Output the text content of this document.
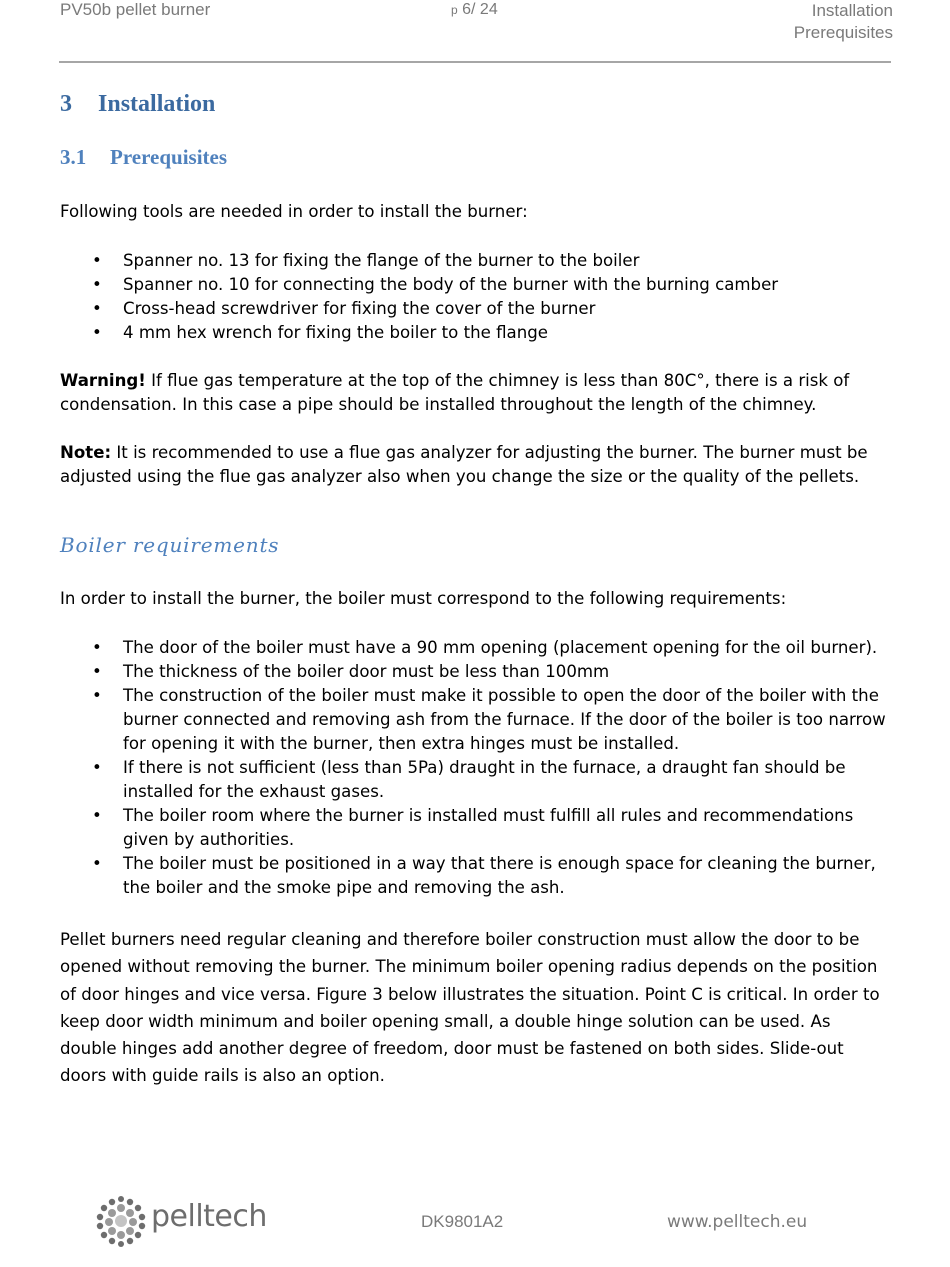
PV50b pellet burner	p 6/ 24	Installation
Prerequisites
3 Installation
3.1 Prerequisites

Following tools are needed in order to install the burner:

• Spanner no. 13 for fixing the flange of the burner to the boiler
• Spanner no. 10 for connecting the body of the burner with the burning camber
• Cross-head screwdriver for fixing the cover of the burner
• 4 mm hex wrench for fixing the boiler to the flange

Warning! If flue gas temperature at the top of the chimney is less than 80C°, there is a risk of condensation. In this case a pipe should be installed throughout the length of the chimney.

Note: It is recommended to use a flue gas analyzer for adjusting the burner. The burner must be adjusted using the flue gas analyzer also when you change the size or the quality of the pellets.

Boiler requirements

In order to install the burner, the boiler must correspond to the following requirements:

• The door of the boiler must have a 90 mm opening (placement opening for the oil burner).
• The thickness of the boiler door must be less than 100mm
• The construction of the boiler must make it possible to open the door of the boiler with the burner connected and removing ash from the furnace. If the door of the boiler is too narrow for opening it with the burner, then extra hinges must be installed.
• If there is not sufficient (less than 5Pa) draught in the furnace, a draught fan should be installed for the exhaust gases.
• The boiler room where the burner is installed must fulfill all rules and recommendations given by authorities.
• The boiler must be positioned in a way that there is enough space for cleaning the burner, the boiler and the smoke pipe and removing the ash.

Pellet burners need regular cleaning and therefore boiler construction must allow the door to be opened without removing the burner. The minimum boiler opening radius depends on the position of door hinges and vice versa. Figure 3 below illustrates the situation. Point C is critical. In order to keep door width minimum and boiler opening small, a double hinge solution can be used. As double hinges add another degree of freedom, door must be fastened on both sides. Slide-out doors with guide rails is also an option.

pelltech	DK9801A2	www.pelltech.eu
